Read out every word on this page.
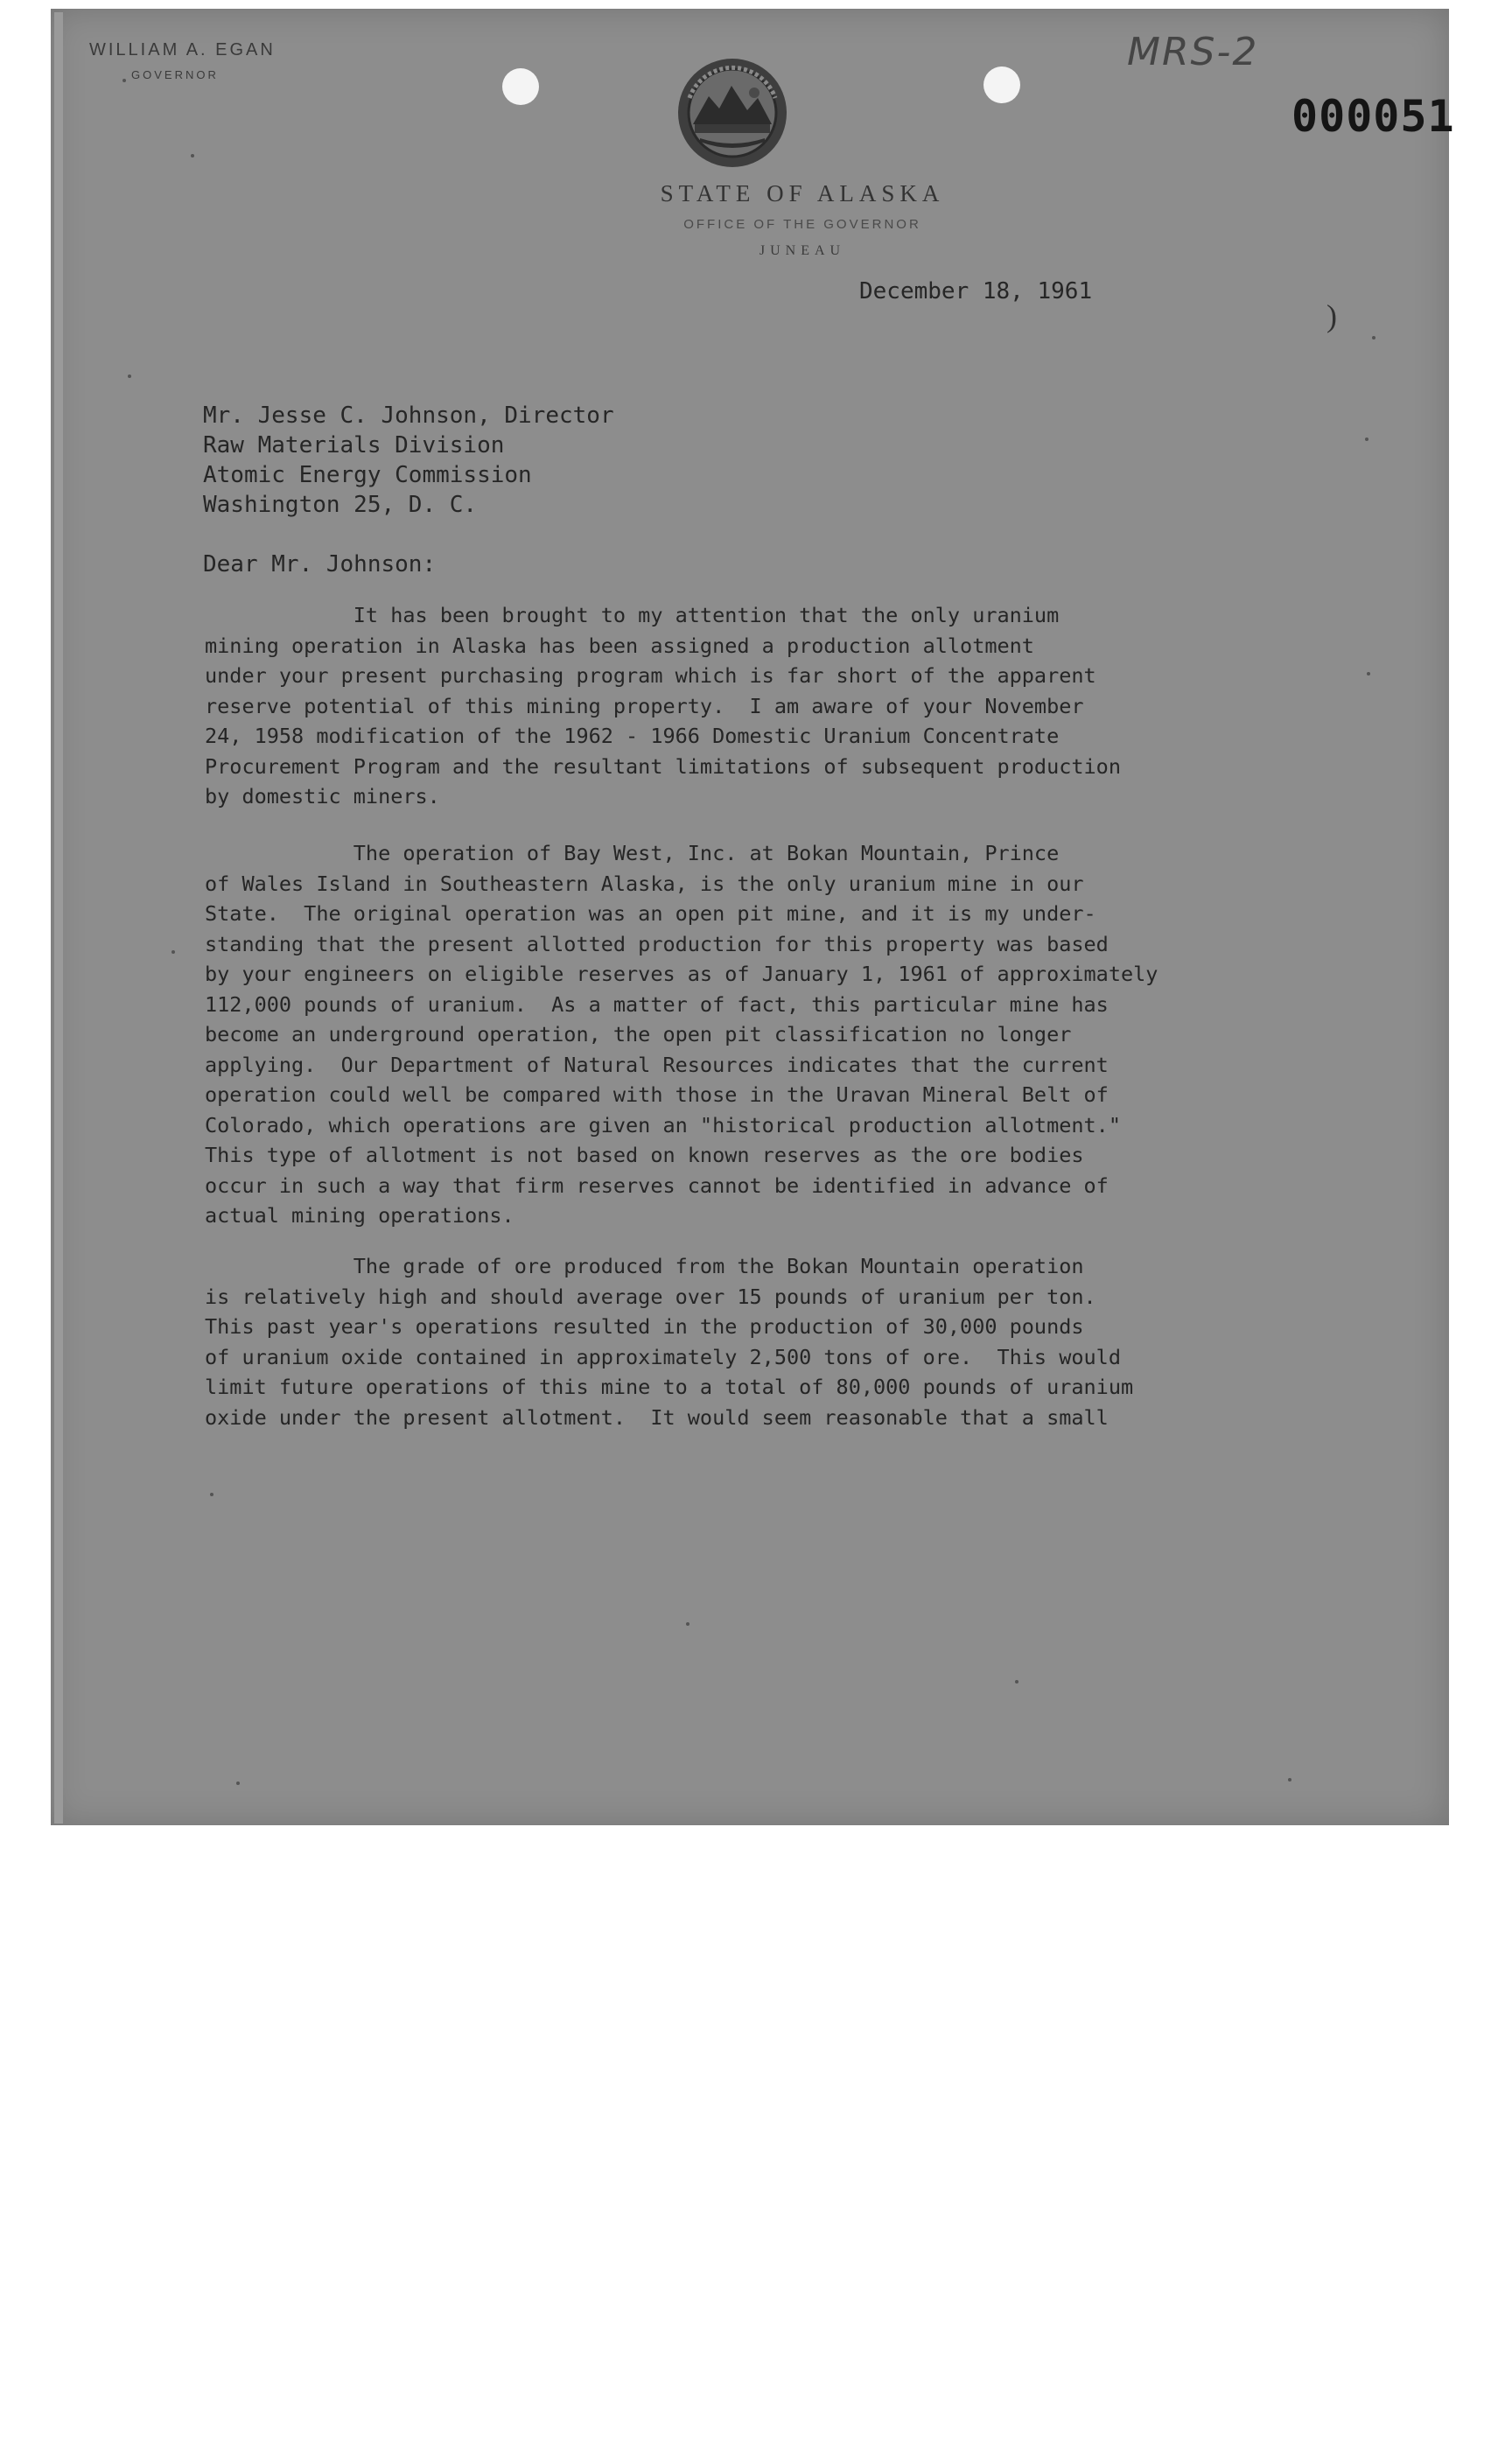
WILLIAM A. EGAN
GOVERNOR
MRS-2
000051
STATE OF ALASKA
OFFICE OF THE GOVERNOR
JUNEAU
December 18, 1961
)
Mr. Jesse C. Johnson, Director
Raw Materials Division
Atomic Energy Commission
Washington 25, D. C.
Dear Mr. Johnson:
It has been brought to my attention that the only uranium
mining operation in Alaska has been assigned a production allotment
under your present purchasing program which is far short of the apparent
reserve potential of this mining property.  I am aware of your November
24, 1958 modification of the 1962 - 1966 Domestic Uranium Concentrate
Procurement Program and the resultant limitations of subsequent production
by domestic miners.
The operation of Bay West, Inc. at Bokan Mountain, Prince
of Wales Island in Southeastern Alaska, is the only uranium mine in our
State.  The original operation was an open pit mine, and it is my under-
standing that the present allotted production for this property was based
by your engineers on eligible reserves as of January 1, 1961 of approximately
112,000 pounds of uranium.  As a matter of fact, this particular mine has
become an underground operation, the open pit classification no longer
applying.  Our Department of Natural Resources indicates that the current
operation could well be compared with those in the Uravan Mineral Belt of
Colorado, which operations are given an "historical production allotment."
This type of allotment is not based on known reserves as the ore bodies
occur in such a way that firm reserves cannot be identified in advance of
actual mining operations.
The grade of ore produced from the Bokan Mountain operation
is relatively high and should average over 15 pounds of uranium per ton.
This past year's operations resulted in the production of 30,000 pounds
of uranium oxide contained in approximately 2,500 tons of ore.  This would
limit future operations of this mine to a total of 80,000 pounds of uranium
oxide under the present allotment.  It would seem reasonable that a small
